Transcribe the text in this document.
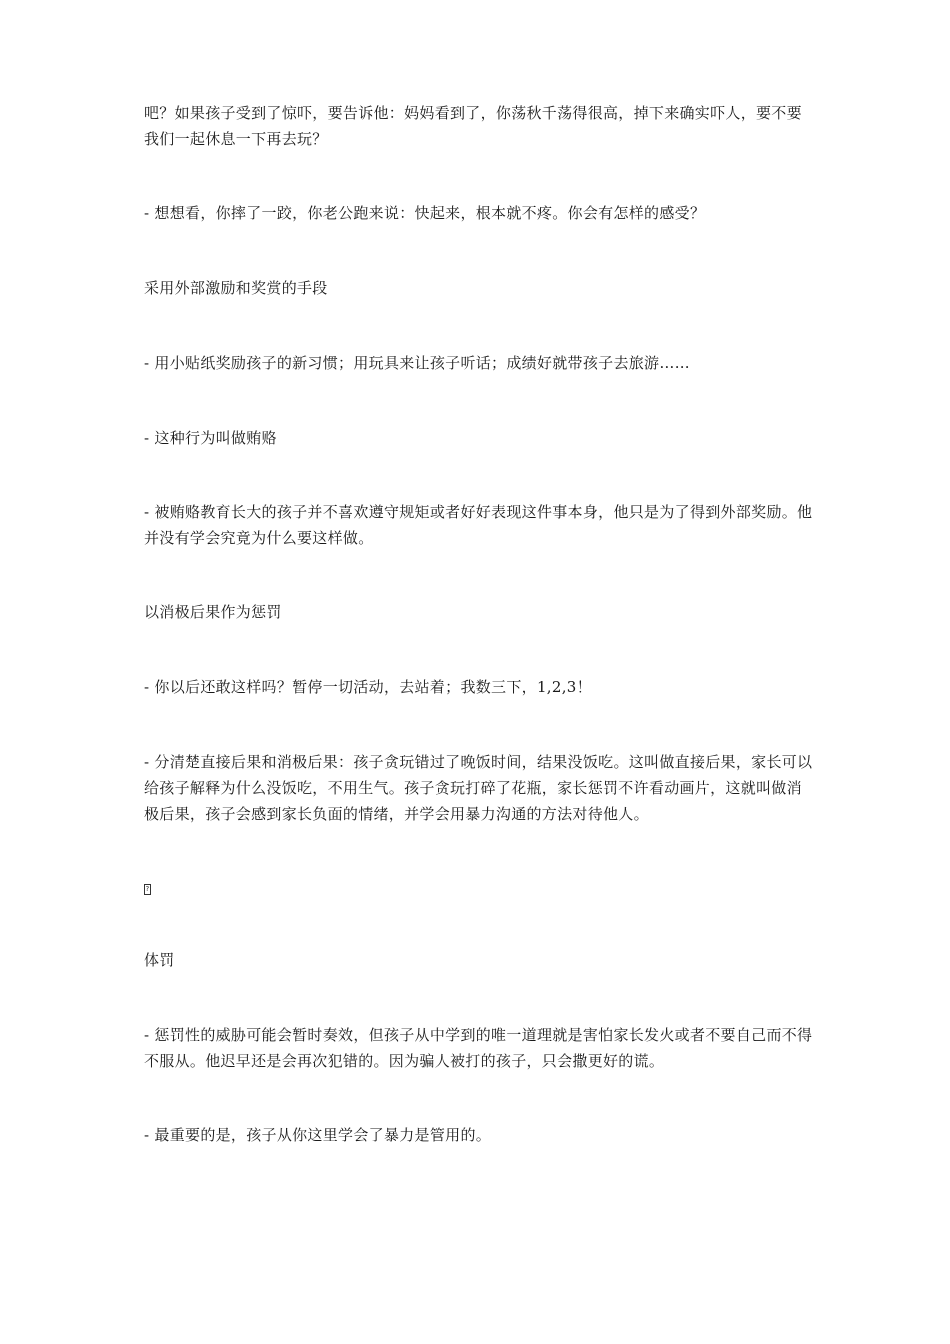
吧？如果孩子受到了惊吓，要告诉他：妈妈看到了，你荡秋千荡得很高，掉下来确实吓人，要不要我们一起休息一下再去玩？

- 想想看，你摔了一跤，你老公跑来说：快起来，根本就不疼。你会有怎样的感受？

采用外部激励和奖赏的手段

- 用小贴纸奖励孩子的新习惯；用玩具来让孩子听话；成绩好就带孩子去旅游……

- 这种行为叫做贿赂

- 被贿赂教育长大的孩子并不喜欢遵守规矩或者好好表现这件事本身，他只是为了得到外部奖励。他并没有学会究竟为什么要这样做。

以消极后果作为惩罚

- 你以后还敢这样吗？暂停一切活动，去站着；我数三下，1,2,3！

- 分清楚直接后果和消极后果：孩子贪玩错过了晚饭时间，结果没饭吃。这叫做直接后果，家长可以给孩子解释为什么没饭吃，不用生气。孩子贪玩打碎了花瓶，家长惩罚不许看动画片，这就叫做消极后果，孩子会感到家长负面的情绪，并学会用暴力沟通的方法对待他人。

?

体罚

- 惩罚性的威胁可能会暂时奏效，但孩子从中学到的唯一道理就是害怕家长发火或者不要自己而不得不服从。他迟早还是会再次犯错的。因为骗人被打的孩子，只会撒更好的谎。

- 最重要的是，孩子从你这里学会了暴力是管用的。
